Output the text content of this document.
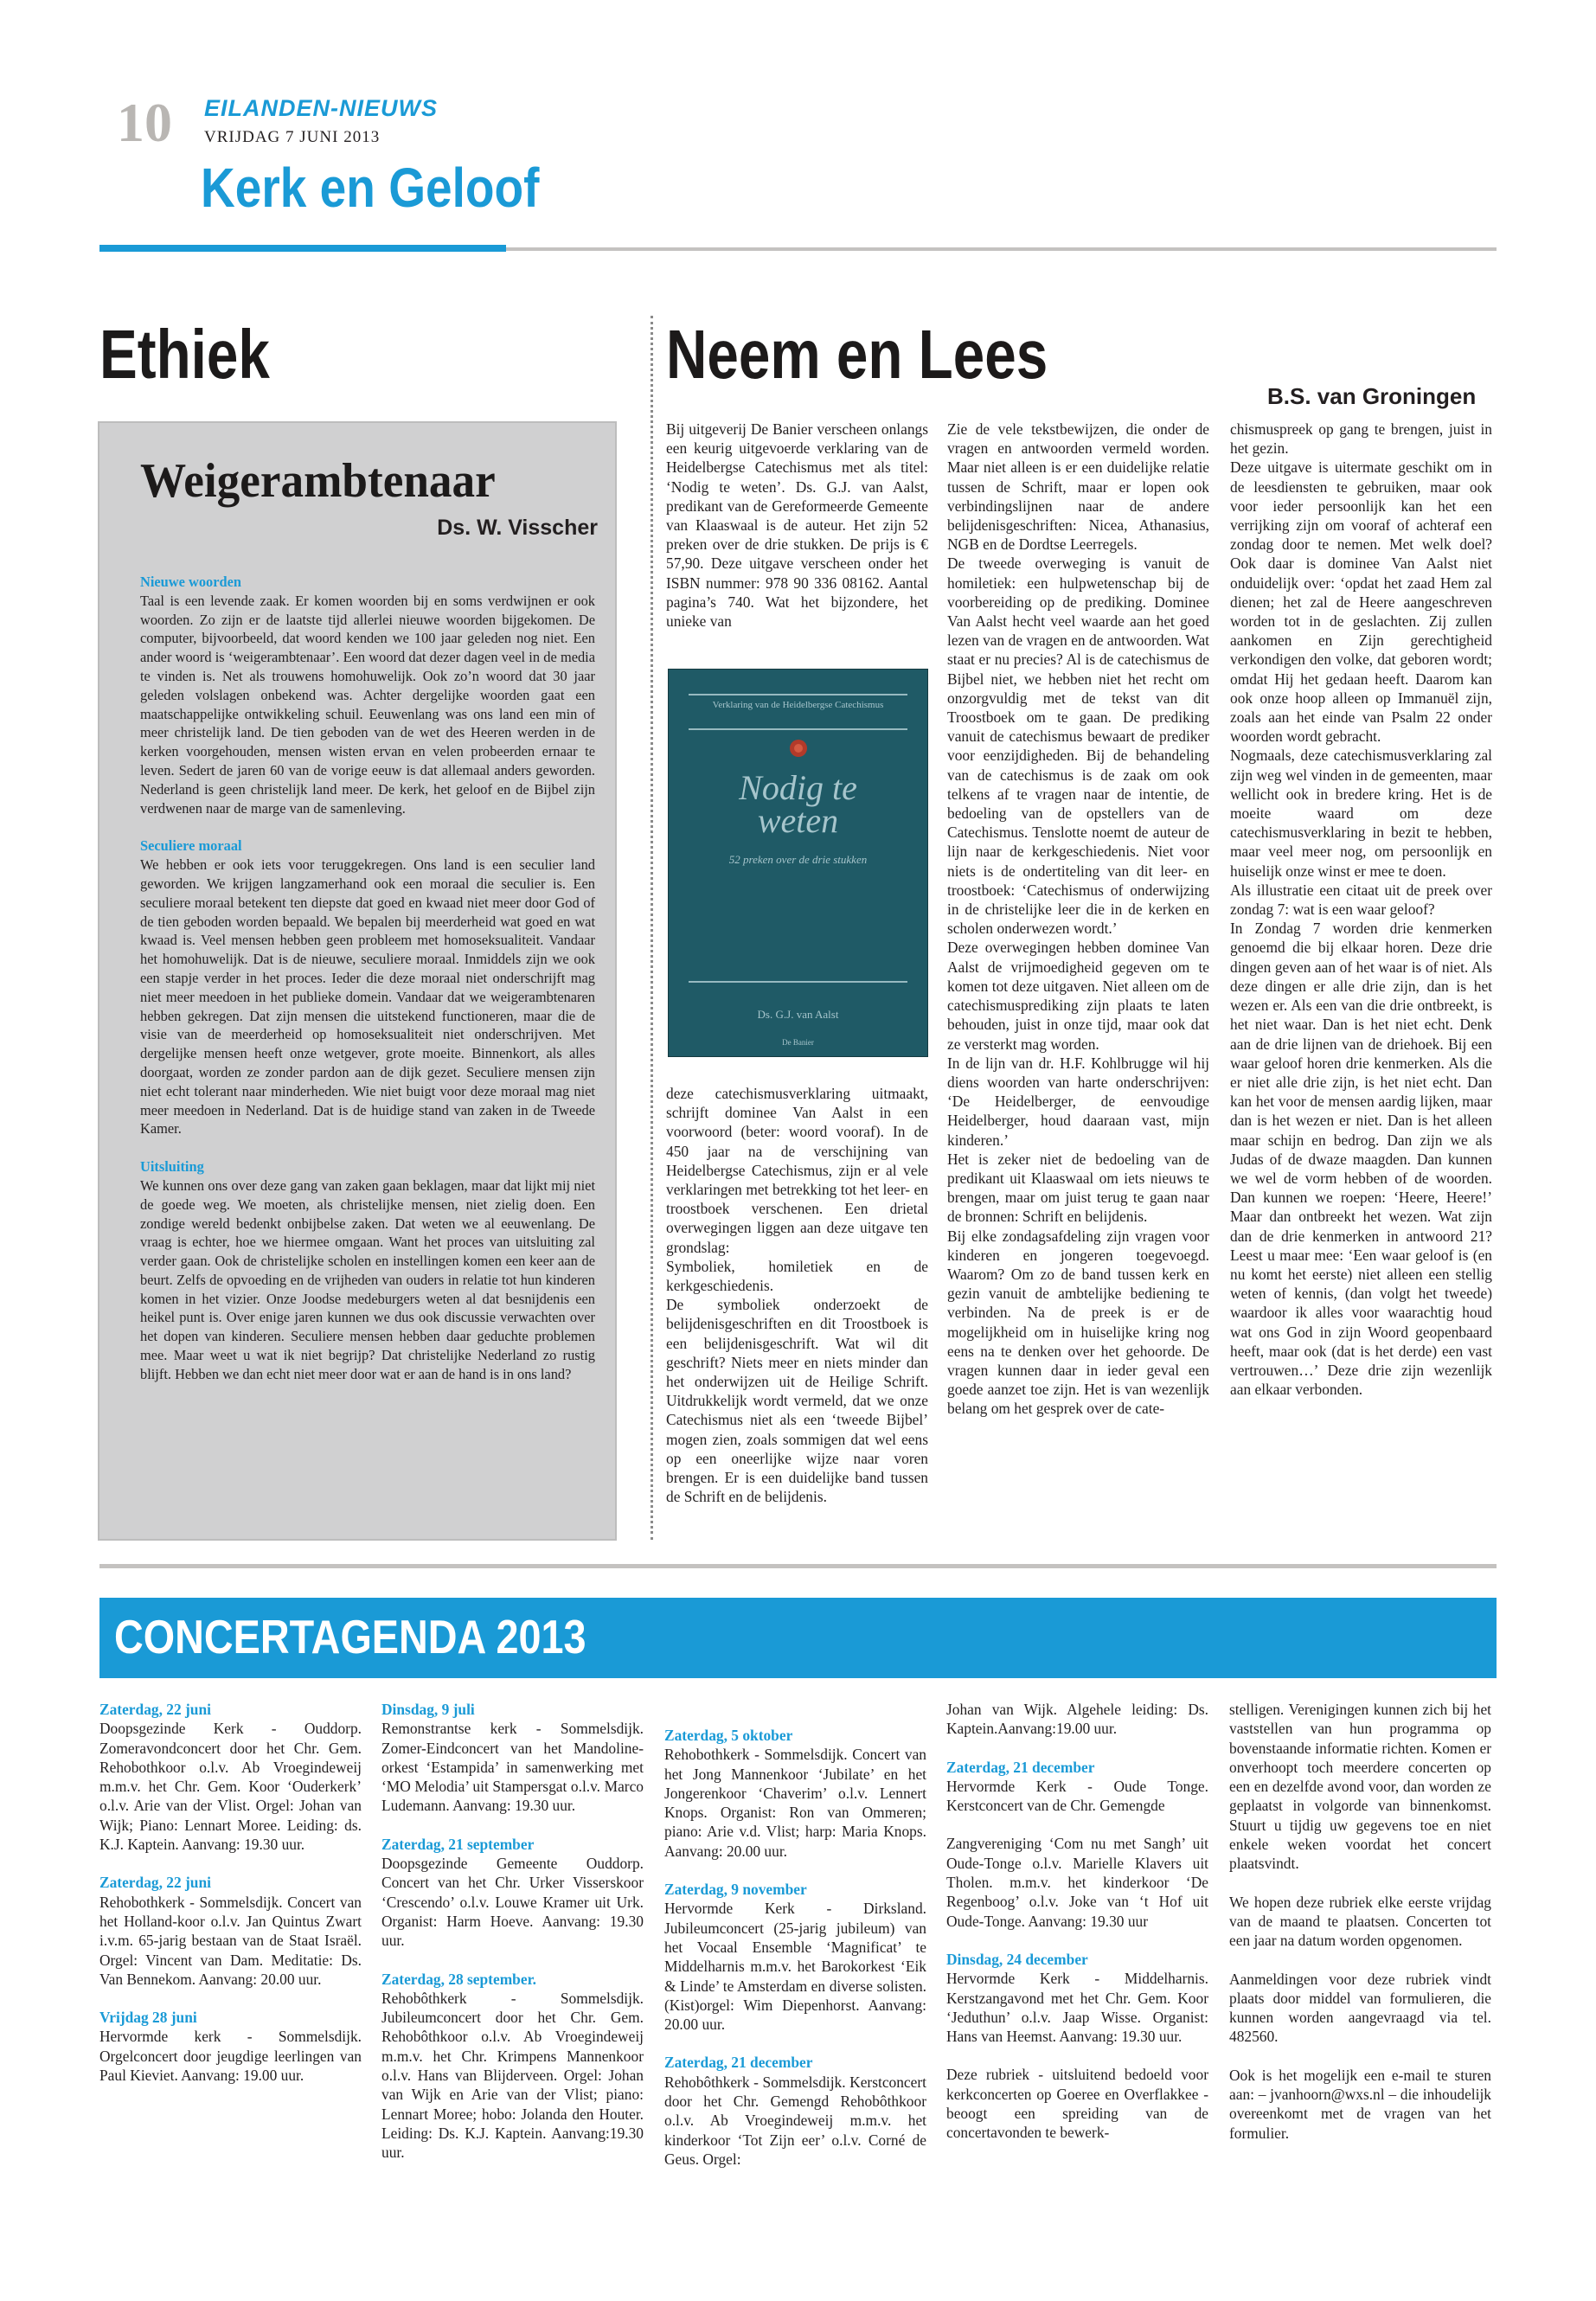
10 EILANDEN-NIEUWS
VRIJDAG 7 JUNI 2013
Kerk en Geloof
Ethiek	Neem en Lees
B.S. van Groningen
Weigerambtenaar
Ds. W. Visscher
Nieuwe woorden

Taal is een levende zaak. Er komen woorden bij en soms verdwijnen er ook woorden. Zo zijn er de laatste tijd allerlei nieuwe woorden bijgekomen. De computer, bijvoorbeeld, dat woord kenden we 100 jaar geleden nog niet. Een ander woord is ‘weigerambtenaar’. Een woord dat dezer dagen veel in de media te vinden is. Net als trouwens homohuwelijk. Ook zo’n woord dat 30 jaar geleden volslagen onbekend was. Achter dergelijke woorden gaat een maatschappelijke ontwikkeling schuil. Eeuwenlang was ons land een min of meer christelijk land. De tien geboden van de wet des Heeren werden in de kerken voorgehouden, mensen wisten ervan en velen probeerden ernaar te leven. Sedert de jaren 60 van de vorige eeuw is dat allemaal anders geworden. Nederland is geen christelijk land meer. De kerk, het geloof en de Bijbel zijn verdwenen naar de marge van de samenleving.

Seculiere moraal

We hebben er ook iets voor teruggekregen. Ons land is een seculier land geworden. We krijgen langzamerhand ook een moraal die seculier is. Een seculiere moraal betekent ten diepste dat goed en kwaad niet meer door God of de tien geboden worden bepaald. We bepalen bij meerderheid wat goed en wat kwaad is. Veel mensen hebben geen probleem met homoseksualiteit. Vandaar het homohuwelijk. Dat is de nieuwe, seculiere moraal. Inmiddels zijn we ook een stapje verder in het proces. Ieder die deze moraal niet onderschrijft mag niet meer meedoen in het publieke domein. Vandaar dat we weigerambtenaren hebben gekregen. Dat zijn mensen die uitstekend functioneren, maar die de visie van de meerderheid op homoseksualiteit niet onderschrijven. Met dergelijke mensen heeft onze wetgever, grote moeite. Binnenkort, als alles doorgaat, worden ze zonder pardon aan de dijk gezet. Seculiere mensen zijn niet echt tolerant naar minderheden. Wie niet buigt voor deze moraal mag niet meer meedoen in Nederland. Dat is de huidige stand van zaken in de Tweede Kamer.

Uitsluiting

We kunnen ons over deze gang van zaken gaan beklagen, maar dat lijkt mij niet de goede weg. We moeten, als christelijke mensen, niet zielig doen. Een zondige wereld bedenkt onbijbelse zaken. Dat weten we al eeuwenlang. De vraag is echter, hoe we hiermee omgaan. Want het proces van uitsluiting zal verder gaan. Ook de christelijke scholen en instellingen komen een keer aan de beurt. Zelfs de opvoeding en de vrijheden van ouders in relatie tot hun kinderen komen in het vizier. Onze Joodse medeburgers weten al dat besnijdenis een heikel punt is. Over enige jaren kunnen we dus ook discussie verwachten over het dopen van kinderen. Seculiere mensen hebben daar geduchte problemen mee. Maar weet u wat ik niet begrijp? Dat christelijke Nederland zo rustig blijft. Hebben we dan echt niet meer door wat er aan de hand is in ons land?

Bij uitgeverij De Banier verscheen onlangs een keurig uitgevoerde verklaring van de Heidelbergse Catechismus met als titel: ‘Nodig te weten’. Ds. G.J. van Aalst, predikant van de Gereformeerde Gemeente van Klaaswaal is de auteur. Het zijn 52 preken over de drie stukken. De prijs is € 57,90. Deze uitgave verscheen onder het ISBN nummer: 978 90 336 08162. Aantal pagina’s 740. Wat het bijzondere, het unieke van

Verklaring van de Heidelbergse Catechismus
Nodig te weten
52 preken over de drie stukken
Ds. G.J. van Aalst
De Banier

deze catechismusverklaring uitmaakt, schrijft dominee Van Aalst in een voorwoord (beter: woord vooraf). In de 450 jaar na de verschijning van Heidelbergse Catechismus, zijn er al vele verklaringen met betrekking tot het leer- en troostboek verschenen. Een drietal overwegingen liggen aan deze uitgave ten grondslag:

Symboliek, homiletiek en de kerkgeschiedenis.

De symboliek onderzoekt de belijdenisgeschriften en dit Troostboek is een belijdenisgeschrift. Wat wil dit geschrift? Niets meer en niets minder dan het onderwijzen uit de Heilige Schrift. Uitdrukkelijk wordt vermeld, dat we onze Catechismus niet als een ‘tweede Bijbel’ mogen zien, zoals sommigen dat wel eens op een oneerlijke wijze naar voren brengen. Er is een duidelijke band tussen de Schrift en de belijdenis.

Zie de vele tekstbewijzen, die onder de vragen en antwoorden vermeld worden. Maar niet alleen is er een duidelijke relatie tussen de Schrift, maar er lopen ook verbindingslijnen naar de andere belijdenisgeschriften: Nicea, Athanasius, NGB en de Dordtse Leerregels.

De tweede overweging is vanuit de homiletiek: een hulpwetenschap bij de voorbereiding op de prediking. Dominee Van Aalst hecht veel waarde aan het goed lezen van de vragen en de antwoorden. Wat staat er nu precies? Al is de catechismus de Bijbel niet, we hebben niet het recht om onzorgvuldig met de tekst van dit Troostboek om te gaan. De prediking vanuit de catechismus bewaart de prediker voor eenzijdigheden. Bij de behandeling van de catechismus is de zaak om ook telkens af te vragen naar de intentie, de bedoeling van de opstellers van de Catechismus. Tenslotte noemt de auteur de lijn naar de kerkgeschiedenis. Niet voor niets is de ondertiteling van dit leer- en troostboek: ‘Catechismus of onderwijzing in de christelijke leer die in de kerken en scholen onderwezen wordt.’

Deze overwegingen hebben dominee Van Aalst de vrijmoedigheid gegeven om te komen tot deze uitgaven. Niet alleen om de catechismusprediking zijn plaats te laten behouden, juist in onze tijd, maar ook dat ze versterkt mag worden.

In de lijn van dr. H.F. Kohlbrugge wil hij diens woorden van harte onderschrijven: ‘De Heidelberger, de eenvoudige Heidelberger, houd daaraan vast, mijn kinderen.’

Het is zeker niet de bedoeling van de predikant uit Klaaswaal om iets nieuws te brengen, maar om juist terug te gaan naar de bronnen: Schrift en belijdenis.

Bij elke zondagsafdeling zijn vragen voor kinderen en jongeren toegevoegd. Waarom? Om zo de band tussen kerk en gezin vanuit de ambtelijke bediening te verbinden. Na de preek is er de mogelijkheid om in huiselijke kring nog eens na te denken over het gehoorde. De vragen kunnen daar in ieder geval een goede aanzet toe zijn. Het is van wezenlijk belang om het gesprek over de cate-

chismuspreek op gang te brengen, juist in het gezin.

Deze uitgave is uitermate geschikt om in de leesdiensten te gebruiken, maar ook voor ieder persoonlijk kan het een verrijking zijn om vooraf of achteraf een zondag door te nemen. Met welk doel? Ook daar is dominee Van Aalst niet onduidelijk over: ‘opdat het zaad Hem zal dienen; het zal de Heere aangeschreven worden tot in de geslachten. Zij zullen aankomen en Zijn gerechtigheid verkondigen den volke, dat geboren wordt; omdat Hij het gedaan heeft. Daarom kan ook onze hoop alleen op Immanuël zijn, zoals aan het einde van Psalm 22 onder woorden wordt gebracht.

Nogmaals, deze catechismusverklaring zal zijn weg wel vinden in de gemeenten, maar wellicht ook in bredere kring. Het is de moeite waard om deze catechismusverklaring in bezit te hebben, maar veel meer nog, om persoonlijk en huiselijk onze winst er mee te doen.

Als illustratie een citaat uit de preek over zondag 7: wat is een waar geloof?

In Zondag 7 worden drie kenmerken genoemd die bij elkaar horen. Deze drie dingen geven aan of het waar is of niet. Als deze dingen er alle drie zijn, dan is het wezen er. Als een van die drie ontbreekt, is het niet waar. Dan is het niet echt. Denk aan de drie lijnen van de driehoek. Bij een waar geloof horen drie kenmerken. Als die er niet alle drie zijn, is het niet echt. Dan kan het voor de mensen aardig lijken, maar dan is het wezen er niet. Dan is het alleen maar schijn en bedrog. Dan zijn we als Judas of de dwaze maagden. Dan kunnen we wel de vorm hebben of de woorden. Dan kunnen we roepen: ‘Heere, Heere!’ Maar dan ontbreekt het wezen. Wat zijn dan de drie kenmerken in antwoord 21? Leest u maar mee: ‘Een waar geloof is (en nu komt het eerste) niet alleen een stellig weten of kennis, (dan volgt het tweede) waardoor ik alles voor waarachtig houd wat ons God in zijn Woord geopenbaard heeft, maar ook (dat is het derde) een vast vertrouwen…’ Deze drie zijn wezenlijk aan elkaar verbonden.

CONCERTAGENDA 2013
Zaterdag, 22 juni
Doopsgezinde Kerk - Ouddorp. Zomeravondconcert door het Chr. Gem. Rehobothkoor o.l.v. Ab Vroegindeweij m.m.v. het Chr. Gem. Koor ‘Ouderkerk’ o.l.v. Arie van der Vlist. Orgel: Johan van Wijk; Piano: Lennart Moree. Leiding: ds. K.J. Kaptein. Aanvang: 19.30 uur.
Zaterdag, 22 juni
Rehobothkerk - Sommelsdijk. Concert van het Holland-koor o.l.v. Jan Quintus Zwart i.v.m. 65-jarig bestaan van de Staat Israël. Orgel: Vincent van Dam. Meditatie: Ds. Van Bennekom. Aanvang: 20.00 uur.
Vrijdag 28 juni
Hervormde kerk - Sommelsdijk. Orgelconcert door jeugdige leerlingen van Paul Kieviet. Aanvang: 19.00 uur.
Dinsdag, 9 juli
Remonstrantse kerk - Sommelsdijk. Zomer-Eindconcert van het Mandoline-orkest ‘Estampida’ in samenwerking met ‘MO Melodia’ uit Stampersgat o.l.v. Marco Ludemann. Aanvang: 19.30 uur.
Zaterdag, 21 september
Doopsgezinde Gemeente Ouddorp. Concert van het Chr. Urker Visserskoor ‘Crescendo’ o.l.v. Louwe Kramer uit Urk. Organist: Harm Hoeve. Aanvang: 19.30 uur.
Zaterdag, 28 september.
Rehobôthkerk - Sommelsdijk. Jubileumconcert door het Chr. Gem. Rehobôthkoor o.l.v. Ab Vroegindeweij m.m.v. het Chr. Krimpens Mannenkoor o.l.v. Hans van Blijderveen. Orgel: Johan van Wijk en Arie van der Vlist; piano: Lennart Moree; hobo: Jolanda den Houter. Leiding: Ds. K.J. Kaptein. Aanvang:19.30 uur.
Zaterdag, 5 oktober
Rehobothkerk - Sommelsdijk. Concert van het Jong Mannenkoor ‘Jubilate’ en het Jongerenkoor ‘Chaverim’ o.l.v. Lennert Knops. Organist: Ron van Ommeren; piano: Arie v.d. Vlist; harp: Maria Knops. Aanvang: 20.00 uur.
Zaterdag, 9 november
Hervormde Kerk - Dirksland. Jubileumconcert (25-jarig jubileum) van het Vocaal Ensemble ‘Magnificat’ te Middelharnis m.m.v. het Barokorkest ‘Eik & Linde’ te Amsterdam en diverse solisten. (Kist)orgel: Wim Diepenhorst. Aanvang: 20.00 uur.
Zaterdag, 21 december
Rehobôthkerk - Sommelsdijk. Kerstconcert door het Chr. Gemengd Rehobôthkoor o.l.v. Ab Vroegindeweij m.m.v. het kinderkoor ‘Tot Zijn eer’ o.l.v. Corné de Geus. Orgel:
Johan van Wijk. Algehele leiding: Ds. Kaptein.Aanvang:19.00 uur.
Zaterdag, 21 december
Hervormde Kerk - Oude Tonge. Kerstconcert van de Chr. Gemengde
Zangvereniging ‘Com nu met Sangh’ uit Oude-Tonge o.l.v. Marielle Klavers uit Tholen. m.m.v. het kinderkoor ‘De Regenboog’ o.l.v. Joke van ‘t Hof uit Oude-Tonge. Aanvang: 19.30 uur
Dinsdag, 24 december
Hervormde Kerk - Middelharnis. Kerstzangavond met het Chr. Gem. Koor ‘Jeduthun’ o.l.v. Jaap Wisse. Organist: Hans van Heemst. Aanvang: 19.30 uur.
Deze rubriek - uitsluitend bedoeld voor kerkconcerten op Goeree en Overflakkee - beoogt een spreiding van de concertavonden te bewerk-

stelligen. Verenigingen kunnen zich bij het vaststellen van hun programma op bovenstaande informatie richten. Komen er onverhoopt toch meerdere concerten op een en dezelfde avond voor, dan worden ze geplaatst in volgorde van binnenkomst. Stuurt u tijdig uw gegevens toe en niet enkele weken voordat het concert plaatsvindt.

We hopen deze rubriek elke eerste vrijdag van de maand te plaatsen. Concerten tot een jaar na datum worden opgenomen.

Aanmeldingen voor deze rubriek vindt plaats door middel van formulieren, die kunnen worden aangevraagd via tel. 482560.

Ook is het mogelijk een e-mail te sturen aan: – jvanhoorn@wxs.nl – die inhoudelijk overeenkomt met de vragen van het formulier.
